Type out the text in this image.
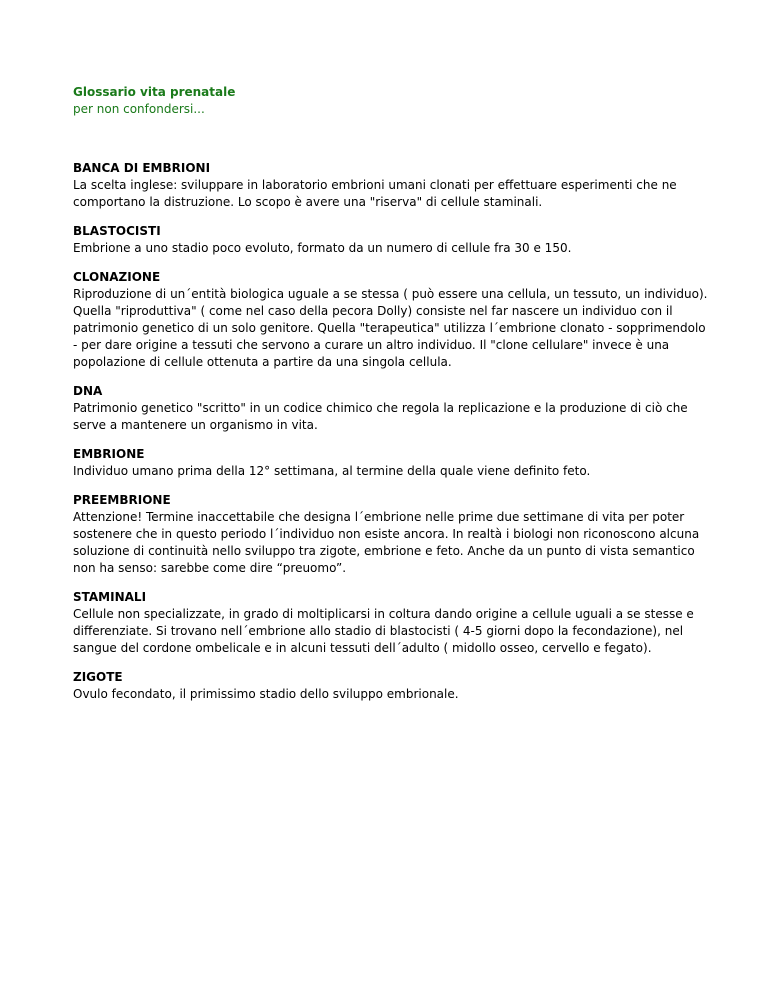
Glossario vita prenatale

per non confondersi...

BANCA DI EMBRIONI

La scelta inglese: sviluppare in laboratorio embrioni umani clonati per effettuare esperimenti che ne comportano la distruzione. Lo scopo è avere una "riserva" di cellule staminali.

BLASTOCISTI

Embrione a uno stadio poco evoluto, formato da un numero di cellule fra 30 e 150.

CLONAZIONE

Riproduzione di un´entità biologica uguale a se stessa ( può essere una cellula, un tessuto, un individuo). Quella "riproduttiva" ( come nel caso della pecora Dolly) consiste nel far nascere un individuo con il patrimonio genetico di un solo genitore. Quella "terapeutica" utilizza l´embrione clonato - sopprimendolo - per dare origine a tessuti che servono a curare un altro individuo. Il "clone cellulare" invece è una popolazione di cellule ottenuta a partire da una singola cellula.

DNA

Patrimonio genetico "scritto" in un codice chimico che regola la replicazione e la produzione di ciò che serve a mantenere un organismo in vita.

EMBRIONE

Individuo umano prima della 12° settimana, al termine della quale viene definito feto.

PREEMBRIONE

Attenzione! Termine inaccettabile che designa l´embrione nelle prime due settimane di vita per poter sostenere che in questo periodo l´individuo non esiste ancora. In realtà i biologi non riconoscono alcuna soluzione di continuità nello sviluppo tra zigote, embrione e feto. Anche da un punto di vista semantico non ha senso: sarebbe come dire “preuomo”.

STAMINALI

Cellule non specializzate, in grado di moltiplicarsi in coltura dando origine a cellule uguali a se stesse e differenziate. Si trovano nell´embrione allo stadio di blastocisti ( 4-5 giorni dopo la fecondazione), nel sangue del cordone ombelicale e in alcuni tessuti dell´adulto ( midollo osseo, cervello e fegato).

ZIGOTE

Ovulo fecondato, il primissimo stadio dello sviluppo embrionale.
